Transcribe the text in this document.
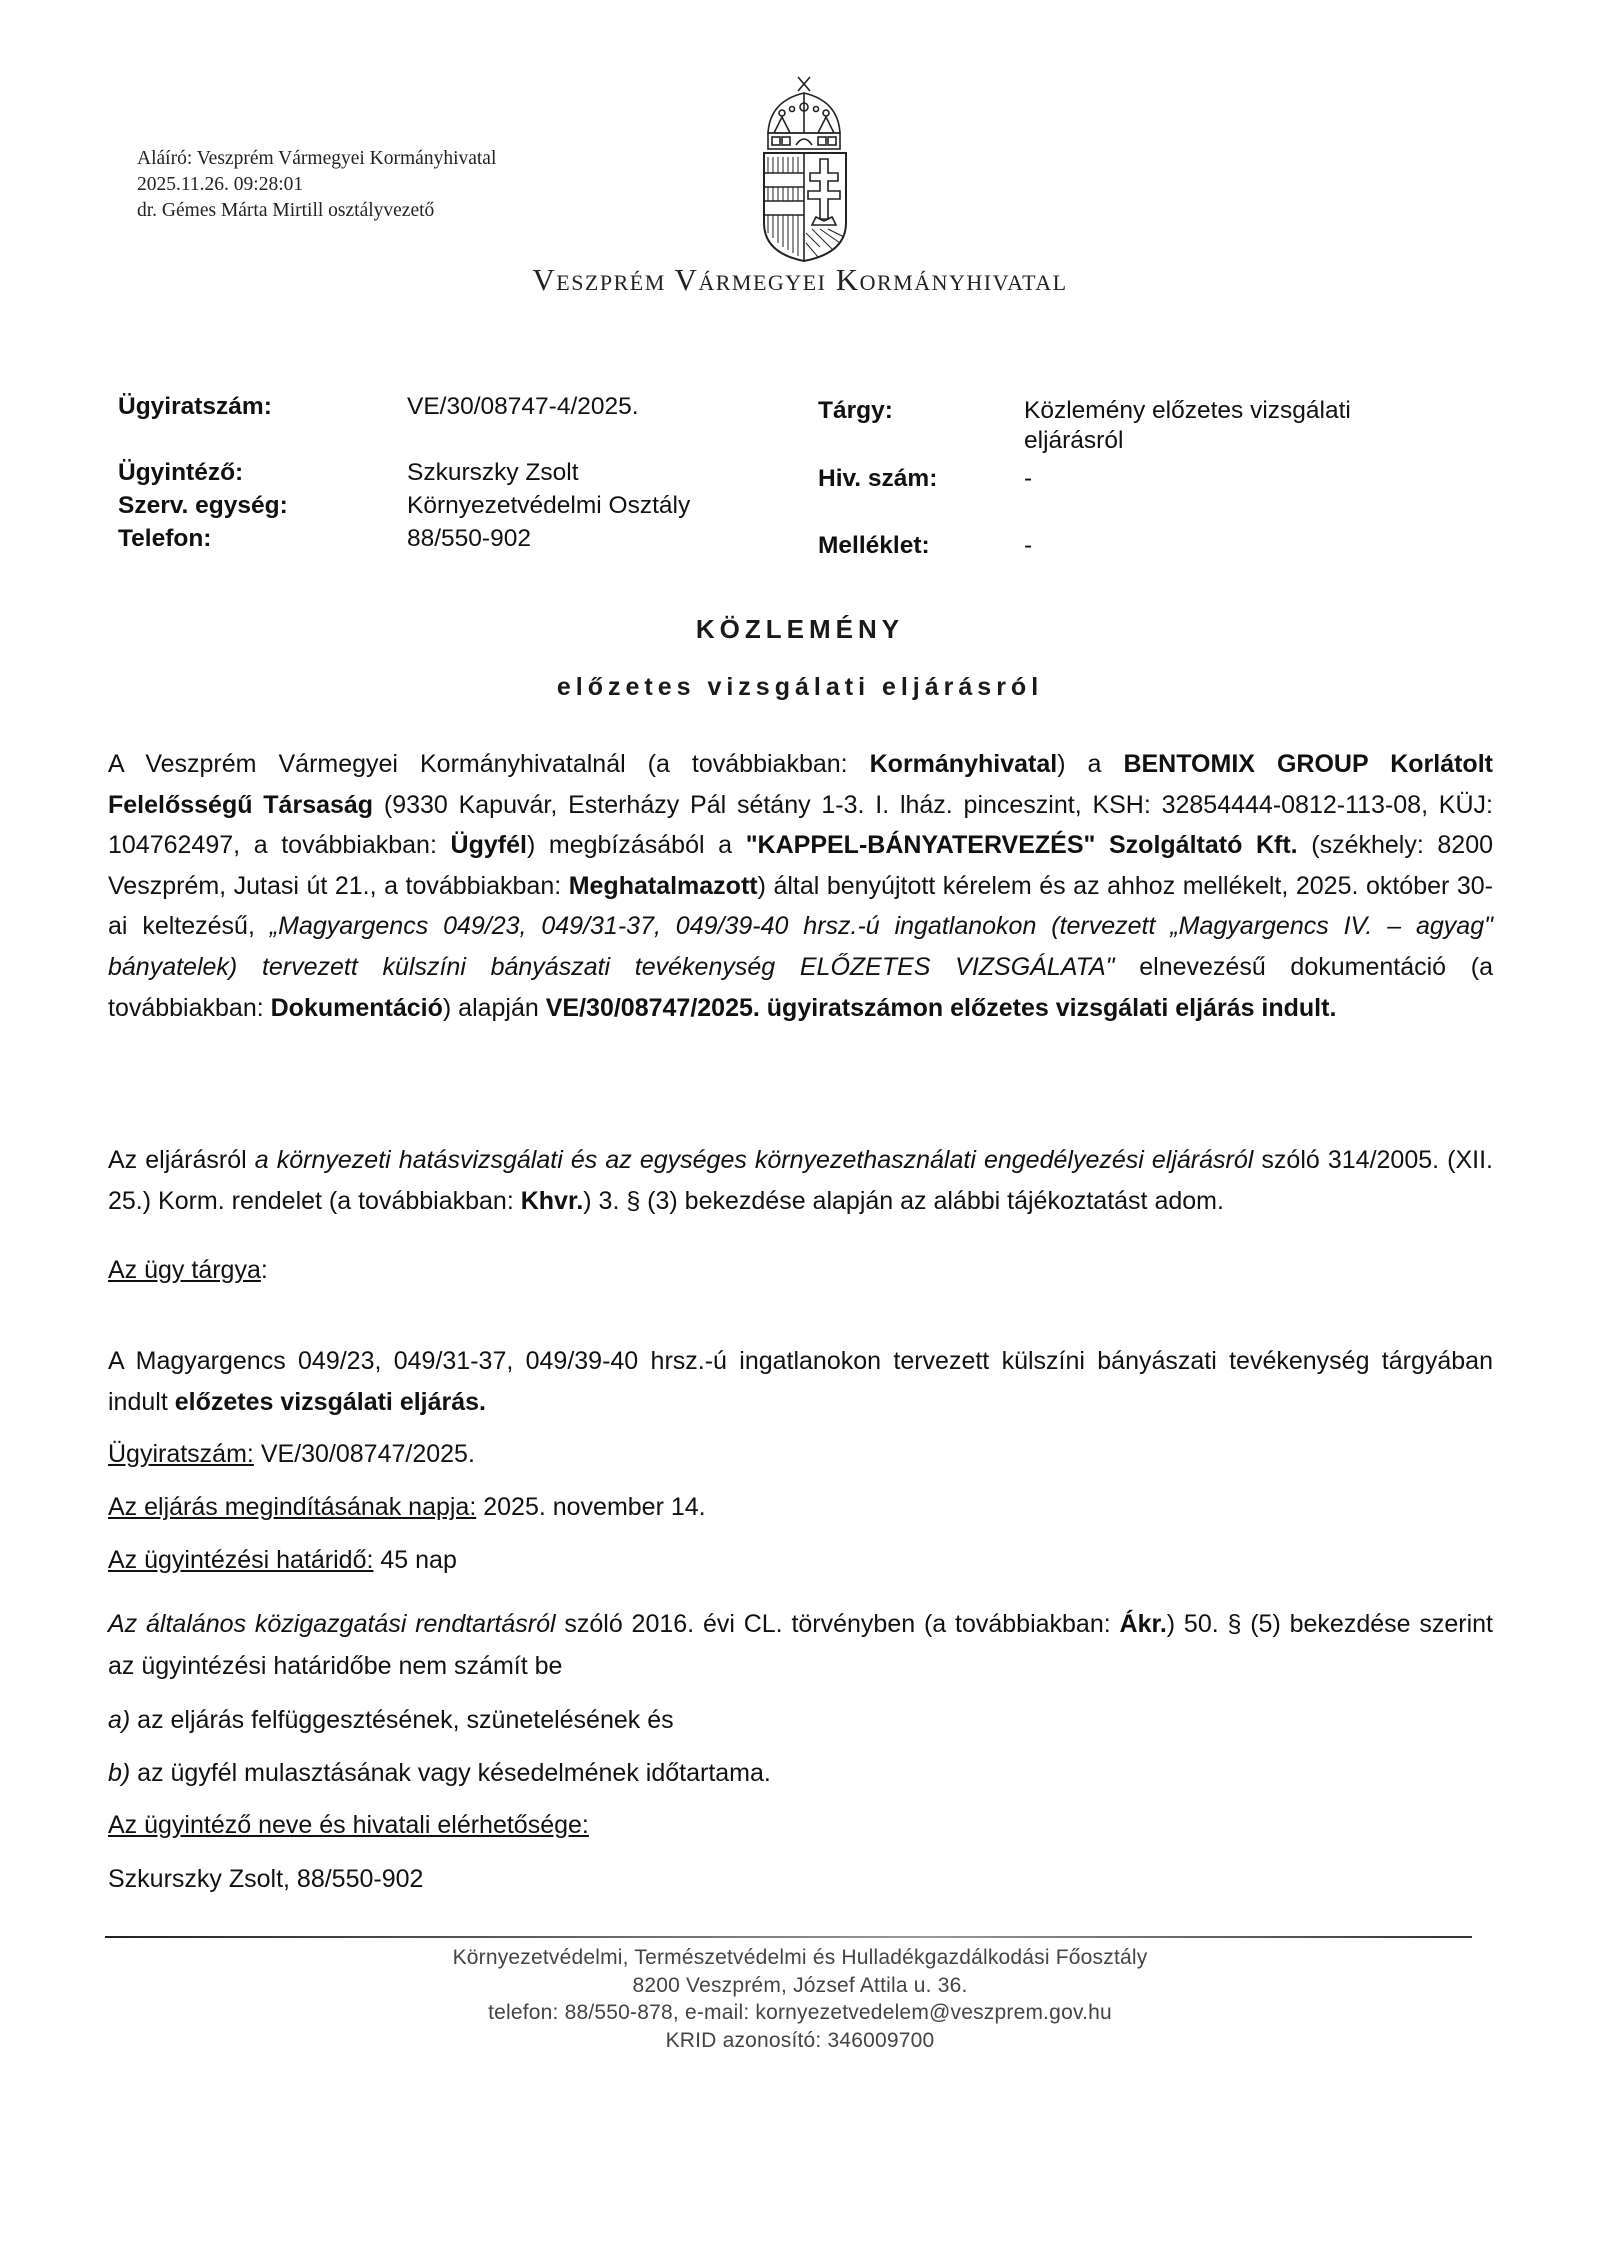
Aláíró: Veszprém Vármegyei Kormányhivatal
2025.11.26. 09:28:01
dr. Gémes Márta Mirtill osztályvezető
Veszprém Vármegyei Kormányhivatal
Ügyiratszám:	VE/30/08747-4/2025.
Ügyintéző:	Szkurszky Zsolt
Szerv. egység:	Környezetvédelmi Osztály
Telefon:	88/550-902
Tárgy:	Közlemény előzetes vizsgálati
eljárásról
Hiv. szám:	-
Melléklet:	-
KÖZLEMÉNY
előzetes vizsgálati eljárásról
A Veszprém Vármegyei Kormányhivatalnál (a továbbiakban: Kormányhivatal) a BENTOMIX GROUP Korlátolt Felelősségű Társaság (9330 Kapuvár, Esterházy Pál sétány 1-3. I. lház. pinceszint, KSH: 32854444-0812-113-08, KÜJ: 104762497, a továbbiakban: Ügyfél) megbízásából a "KAPPEL-BÁNYATERVEZÉS" Szolgáltató Kft. (székhely: 8200 Veszprém, Jutasi út 21., a továbbiakban: Meghatalmazott) által benyújtott kérelem és az ahhoz mellékelt, 2025. október 30-ai keltezésű, „Magyargencs 049/23, 049/31-37, 049/39-40 hrsz.-ú ingatlanokon (tervezett „Magyargencs IV. – agyag" bányatelek) tervezett külszíni bányászati tevékenység ELŐZETES VIZSGÁLATA" elnevezésű dokumentáció (a továbbiakban: Dokumentáció) alapján VE/30/08747/2025. ügyiratszámon előzetes vizsgálati eljárás indult.
Az eljárásról a környezeti hatásvizsgálati és az egységes környezethasználati engedélyezési eljárásról szóló 314/2005. (XII. 25.) Korm. rendelet (a továbbiakban: Khvr.) 3. § (3) bekezdése alapján az alábbi tájékoztatást adom.
Az ügy tárgya:
A Magyargencs 049/23, 049/31-37, 049/39-40 hrsz.-ú ingatlanokon tervezett külszíni bányászati tevékenység tárgyában indult előzetes vizsgálati eljárás.
Ügyiratszám: VE/30/08747/2025.
Az eljárás megindításának napja: 2025. november 14.
Az ügyintézési határidő: 45 nap
Az általános közigazgatási rendtartásról szóló 2016. évi CL. törvényben (a továbbiakban: Ákr.) 50. § (5) bekezdése szerint az ügyintézési határidőbe nem számít be
a) az eljárás felfüggesztésének, szünetelésének és
b) az ügyfél mulasztásának vagy késedelmének időtartama.
Az ügyintéző neve és hivatali elérhetősége:
Szkurszky Zsolt, 88/550-902
Környezetvédelmi, Természetvédelmi és Hulladékgazdálkodási Főosztály
8200 Veszprém, József Attila u. 36.
telefon: 88/550-878, e-mail: kornyezetvedelem@veszprem.gov.hu
KRID azonosító: 346009700
